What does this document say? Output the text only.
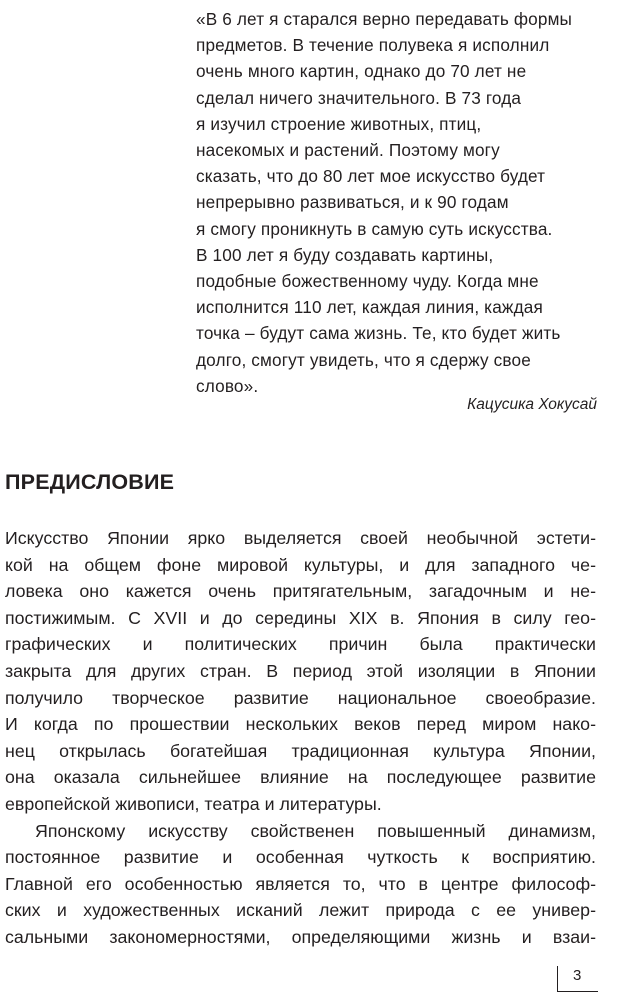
«В 6 лет я старался верно передавать формы
предметов. В течение полувека я исполнил
очень много картин, однако до 70 лет не
сделал ничего значительного. В 73 года
я изучил строение животных, птиц,
насекомых и растений. Поэтому могу
сказать, что до 80 лет мое искусство будет
непрерывно развиваться, и к 90 годам
я смогу проникнуть в самую суть искусства.
В 100 лет я буду создавать картины,
подобные божественному чуду. Когда мне
исполнится 110 лет, каждая линия, каждая
точка – будут сама жизнь. Те, кто будет жить
долго, смогут увидеть, что я сдержу свое
слово».
Кацусика Хокусай
ПРЕДИСЛОВИЕ
Искусство Японии ярко выделяется своей необычной эстети-
кой на общем фоне мировой культуры, и для западного че-
ловека оно кажется очень притягательным, загадочным и не-
постижимым. С XVII и до середины XIX в. Япония в силу гео-
графических и политических причин была практически
закрыта для других стран. В период этой изоляции в Японии
получило творческое развитие национальное своеобразие.
И когда по прошествии нескольких веков перед миром нако-
нец открылась богатейшая традиционная культура Японии,
она оказала сильнейшее влияние на последующее развитие
европейской живописи, театра и литературы.
Японскому искусству свойственен повышенный динамизм,
постоянное развитие и особенная чуткость к восприятию.
Главной его особенностью является то, что в центре философ-
ских и художественных исканий лежит природа с ее универ-
сальными закономерностями, определяющими жизнь и взаи-
3
